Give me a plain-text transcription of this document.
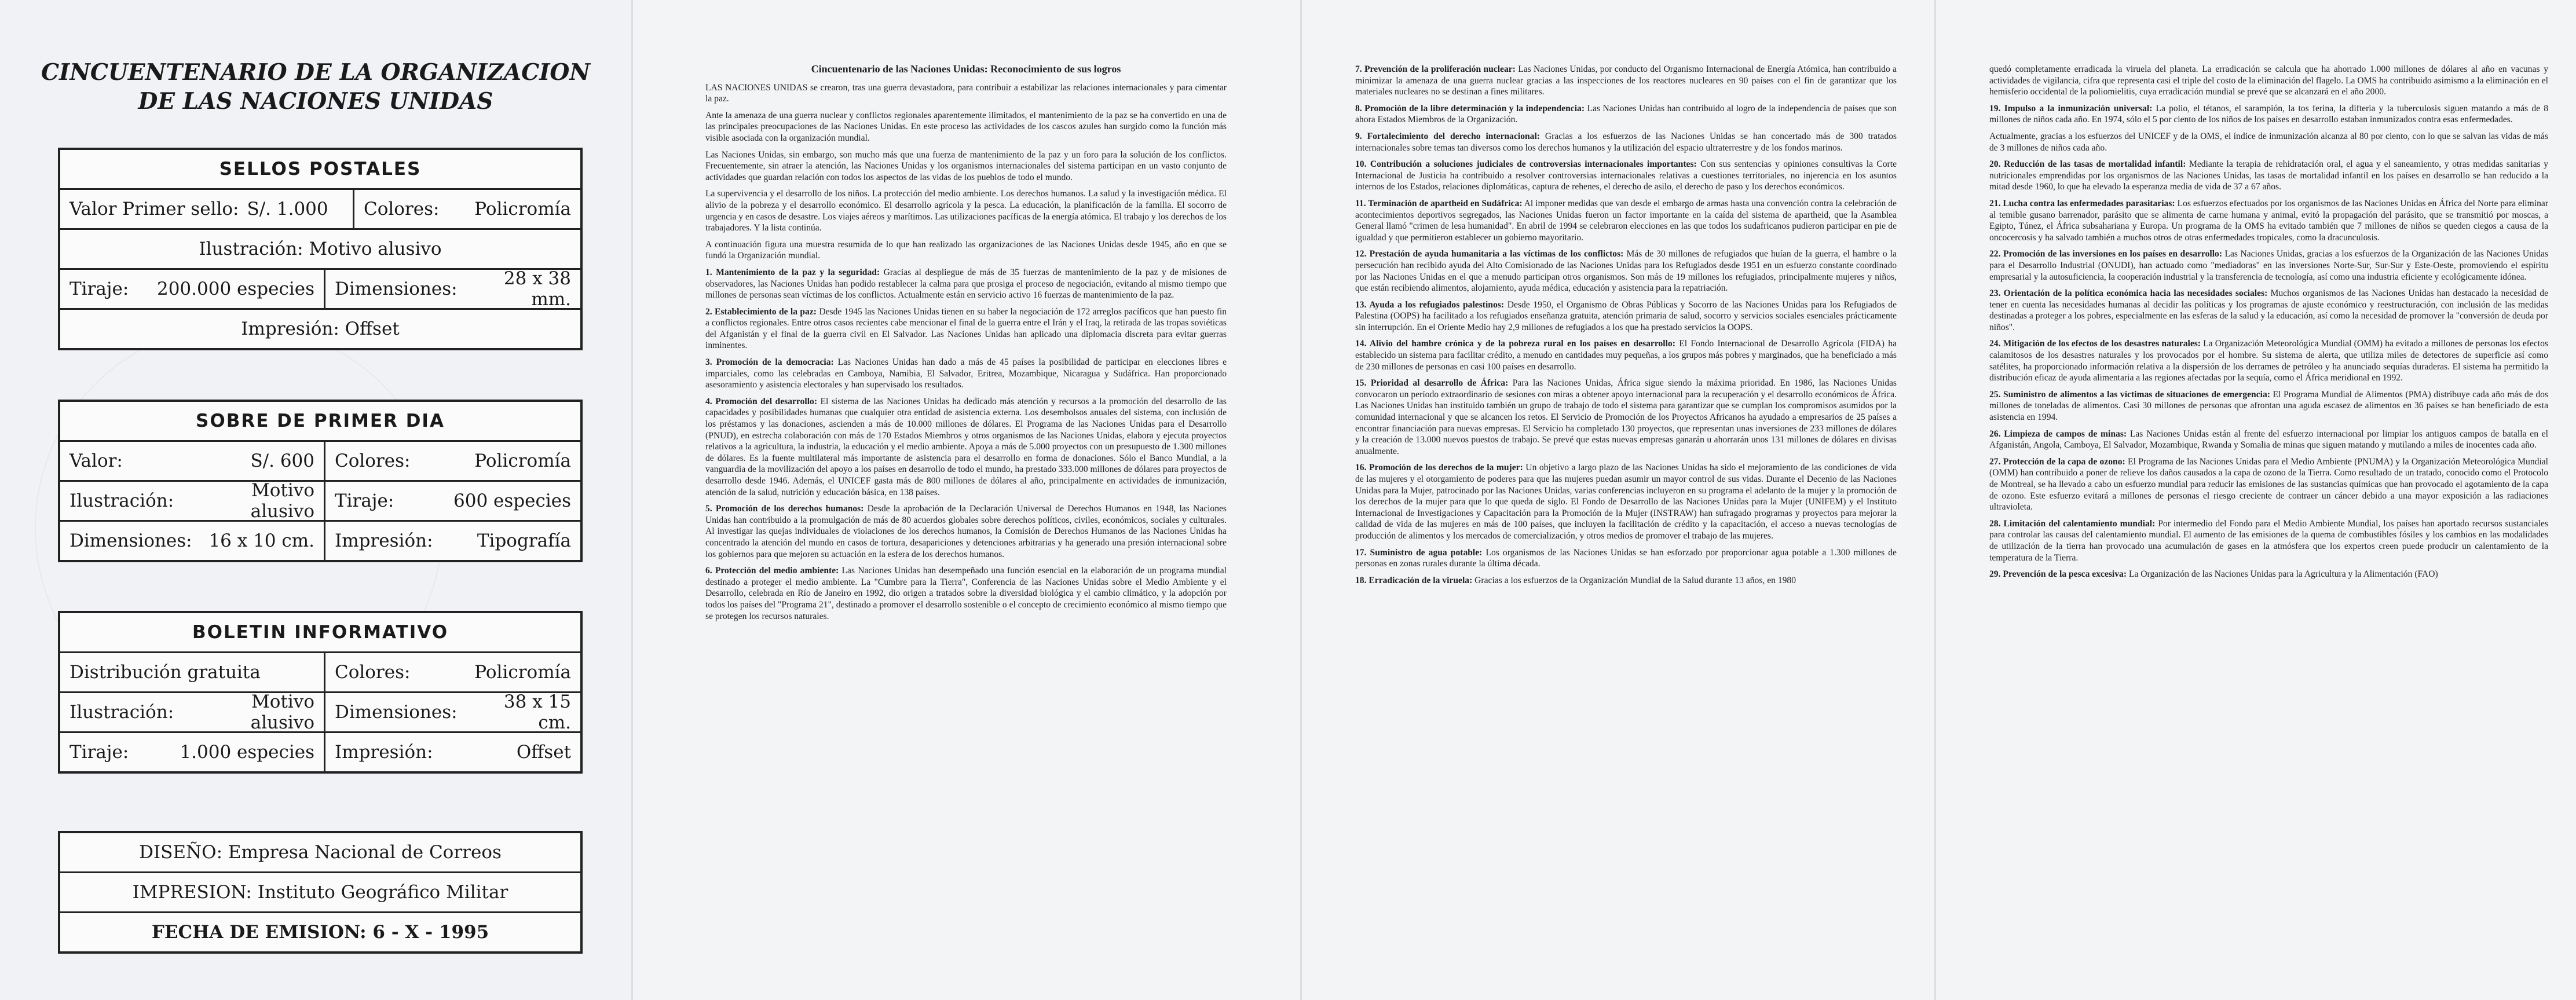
CINCUENTENARIO DE LA ORGANIZACION
DE LAS NACIONES UNIDAS
SELLOS POSTALES
Valor Primer sello: S/. 1.000 Colores:	Policromía
Ilustración: Motivo alusivo
Tiraje:	200.000 especies Dimensiones:	28 x 38 mm.
Impresión: Offset
SOBRE DE PRIMER DIA
Valor:	S/. 600 Colores:	Policromía
Ilustración:	Motivo alusivo Tiraje:	600 especies
Dimensiones: 16 x 10 cm. Impresión:	Tipografía
BOLETIN INFORMATIVO
Distribución gratuita	Colores:	Policromía
Ilustración:	Motivo alusivo Dimensiones:	38 x 15 cm.
Tiraje:	1.000 especies Impresión:	Offset
DISEÑO: Empresa Nacional de Correos
IMPRESION: Instituto Geográfico Militar
FECHA DE EMISION: 6 - X - 1995

Cincuentenario de las Naciones Unidas: Reconocimiento de sus logros

LAS NACIONES UNIDAS se crearon, tras una guerra devastadora, para contribuir a estabilizar las relaciones internacionales y para cimentar la paz.

Ante la amenaza de una guerra nuclear y conflictos regionales aparentemente ilimitados, el mantenimiento de la paz se ha convertido en una de las principales preocupaciones de las Naciones Unidas. En este proceso las actividades de los cascos azules han surgido como la función más visible asociada con la organización mundial.

Las Naciones Unidas, sin embargo, son mucho más que una fuerza de mantenimiento de la paz y un foro para la solución de los conflictos. Frecuentemente, sin atraer la atención, las Naciones Unidas y los organismos internacionales del sistema participan en un vasto conjunto de actividades que guardan relación con todos los aspectos de las vidas de los pueblos de todo el mundo.

La supervivencia y el desarrollo de los niños. La protección del medio ambiente. Los derechos humanos. La salud y la investigación médica. El alivio de la pobreza y el desarrollo económico. El desarrollo agrícola y la pesca. La educación, la planificación de la familia. El socorro de urgencia y en casos de desastre. Los viajes aéreos y marítimos. Las utilizaciones pacíficas de la energía atómica. El trabajo y los derechos de los trabajadores. Y la lista continúa.

A continuación figura una muestra resumida de lo que han realizado las organizaciones de las Naciones Unidas desde 1945, año en que se fundó la Organización mundial.

1. Mantenimiento de la paz y la seguridad: Gracias al despliegue de más de 35 fuerzas de mantenimiento de la paz y de misiones de observadores, las Naciones Unidas han podido restablecer la calma para que prosiga el proceso de negociación, evitando al mismo tiempo que millones de personas sean víctimas de los conflictos. Actualmente están en servicio activo 16 fuerzas de mantenimiento de la paz.

2. Establecimiento de la paz: Desde 1945 las Naciones Unidas tienen en su haber la negociación de 172 arreglos pacíficos que han puesto fin a conflictos regionales. Entre otros casos recientes cabe mencionar el final de la guerra entre el Irán y el Iraq, la retirada de las tropas soviéticas del Afganistán y el final de la guerra civil en El Salvador. Las Naciones Unidas han aplicado una diplomacia discreta para evitar guerras inminentes.

3. Promoción de la democracia: Las Naciones Unidas han dado a más de 45 países la posibilidad de participar en elecciones libres e imparciales, como las celebradas en Camboya, Namibia, El Salvador, Eritrea, Mozambique, Nicaragua y Sudáfrica. Han proporcionado asesoramiento y asistencia electorales y han supervisado los resultados.

4. Promoción del desarrollo: El sistema de las Naciones Unidas ha dedicado más atención y recursos a la promoción del desarrollo de las capacidades y posibilidades humanas que cualquier otra entidad de asistencia externa. Los desembolsos anuales del sistema, con inclusión de los préstamos y las donaciones, ascienden a más de 10.000 millones de dólares. El Programa de las Naciones Unidas para el Desarrollo (PNUD), en estrecha colaboración con más de 170 Estados Miembros y otros organismos de las Naciones Unidas, elabora y ejecuta proyectos relativos a la agricultura, la industria, la educación y el medio ambiente. Apoya a más de 5.000 proyectos con un presupuesto de 1.300 millones de dólares. Es la fuente multilateral más importante de asistencia para el desarrollo en forma de donaciones. Sólo el Banco Mundial, a la vanguardia de la movilización del apoyo a los países en desarrollo de todo el mundo, ha prestado 333.000 millones de dólares para proyectos de desarrollo desde 1946. Además, el UNICEF gasta más de 800 millones de dólares al año, principalmente en actividades de inmunización, atención de la salud, nutrición y educación básica, en 138 países.

5. Promoción de los derechos humanos: Desde la aprobación de la Declaración Universal de Derechos Humanos en 1948, las Naciones Unidas han contribuido a la promulgación de más de 80 acuerdos globales sobre derechos políticos, civiles, económicos, sociales y culturales. Al investigar las quejas individuales de violaciones de los derechos humanos, la Comisión de Derechos Humanos de las Naciones Unidas ha concentrado la atención del mundo en casos de tortura, desapariciones y detenciones arbitrarias y ha generado una presión internacional sobre los gobiernos para que mejoren su actuación en la esfera de los derechos humanos.

6. Protección del medio ambiente: Las Naciones Unidas han desempeñado una función esencial en la elaboración de un programa mundial destinado a proteger el medio ambiente. La "Cumbre para la Tierra", Conferencia de las Naciones Unidas sobre el Medio Ambiente y el Desarrollo, celebrada en Río de Janeiro en 1992, dio origen a tratados sobre la diversidad biológica y el cambio climático, y la adopción por todos los países del "Programa 21", destinado a promover el desarrollo sostenible o el concepto de crecimiento económico al mismo tiempo que se protegen los recursos naturales.

7. Prevención de la proliferación nuclear: Las Naciones Unidas, por conducto del Organismo Internacional de Energía Atómica, han contribuido a minimizar la amenaza de una guerra nuclear gracias a las inspecciones de los reactores nucleares en 90 países con el fin de garantizar que los materiales nucleares no se destinan a fines militares.

8. Promoción de la libre determinación y la independencia: Las Naciones Unidas han contribuido al logro de la independencia de países que son ahora Estados Miembros de la Organización.

9. Fortalecimiento del derecho internacional: Gracias a los esfuerzos de las Naciones Unidas se han concertado más de 300 tratados internacionales sobre temas tan diversos como los derechos humanos y la utilización del espacio ultraterrestre y de los fondos marinos.

10. Contribución a soluciones judiciales de controversias internacionales importantes: Con sus sentencias y opiniones consultivas la Corte Internacional de Justicia ha contribuido a resolver controversias internacionales relativas a cuestiones territoriales, no injerencia en los asuntos internos de los Estados, relaciones diplomáticas, captura de rehenes, el derecho de asilo, el derecho de paso y los derechos económicos.

11. Terminación de apartheid en Sudáfrica: Al imponer medidas que van desde el embargo de armas hasta una convención contra la celebración de acontecimientos deportivos segregados, las Naciones Unidas fueron un factor importante en la caída del sistema de apartheid, que la Asamblea General llamó "crimen de lesa humanidad". En abril de 1994 se celebraron elecciones en las que todos los sudafricanos pudieron participar en pie de igualdad y que permitieron establecer un gobierno mayoritario.

12. Prestación de ayuda humanitaria a las víctimas de los conflictos: Más de 30 millones de refugiados que huían de la guerra, el hambre o la persecución han recibido ayuda del Alto Comisionado de las Naciones Unidas para los Refugiados desde 1951 en un esfuerzo constante coordinado por las Naciones Unidas en el que a menudo participan otros organismos. Son más de 19 millones los refugiados, principalmente mujeres y niños, que están recibiendo alimentos, alojamiento, ayuda médica, educación y asistencia para la repatriación.

13. Ayuda a los refugiados palestinos: Desde 1950, el Organismo de Obras Públicas y Socorro de las Naciones Unidas para los Refugiados de Palestina (OOPS) ha facilitado a los refugiados enseñanza gratuita, atención primaria de salud, socorro y servicios sociales esenciales prácticamente sin interrupción. En el Oriente Medio hay 2,9 millones de refugiados a los que ha prestado servicios la OOPS.

14. Alivio del hambre crónica y de la pobreza rural en los países en desarrollo: El Fondo Internacional de Desarrollo Agrícola (FIDA) ha establecido un sistema para facilitar crédito, a menudo en cantidades muy pequeñas, a los grupos más pobres y marginados, que ha beneficiado a más de 230 millones de personas en casi 100 países en desarrollo.

15. Prioridad al desarrollo de África: Para las Naciones Unidas, África sigue siendo la máxima prioridad. En 1986, las Naciones Unidas convocaron un período extraordinario de sesiones con miras a obtener apoyo internacional para la recuperación y el desarrollo económicos de África. Las Naciones Unidas han instituido también un grupo de trabajo de todo el sistema para garantizar que se cumplan los compromisos asumidos por la comunidad internacional y que se alcancen los retos. El Servicio de Promoción de los Proyectos Africanos ha ayudado a empresarios de 25 países a encontrar financiación para nuevas empresas. El Servicio ha completado 130 proyectos, que representan unas inversiones de 233 millones de dólares y la creación de 13.000 nuevos puestos de trabajo. Se prevé que estas nuevas empresas ganarán u ahorrarán unos 131 millones de dólares en divisas anualmente.

16. Promoción de los derechos de la mujer: Un objetivo a largo plazo de las Naciones Unidas ha sido el mejoramiento de las condiciones de vida de las mujeres y el otorgamiento de poderes para que las mujeres puedan asumir un mayor control de sus vidas. Durante el Decenio de las Naciones Unidas para la Mujer, patrocinado por las Naciones Unidas, varias conferencias incluyeron en su programa el adelanto de la mujer y la promoción de los derechos de la mujer para que lo que queda de siglo. El Fondo de Desarrollo de las Naciones Unidas para la Mujer (UNIFEM) y el Instituto Internacional de Investigaciones y Capacitación para la Promoción de la Mujer (INSTRAW) han sufragado programas y proyectos para mejorar la calidad de vida de las mujeres en más de 100 países, que incluyen la facilitación de crédito y la capacitación, el acceso a nuevas tecnologías de producción de alimentos y los mercados de comercialización, y otros medios de promover el trabajo de las mujeres.

17. Suministro de agua potable: Los organismos de las Naciones Unidas se han esforzado por proporcionar agua potable a 1.300 millones de personas en zonas rurales durante la última década.

18. Erradicación de la viruela: Gracias a los esfuerzos de la Organización Mundial de la Salud durante 13 años, en 1980

quedó completamente erradicada la viruela del planeta. La erradicación se calcula que ha ahorrado 1.000 millones de dólares al año en vacunas y actividades de vigilancia, cifra que representa casi el triple del costo de la eliminación del flagelo. La OMS ha contribuido asimismo a la eliminación en el hemisferio occidental de la poliomielitis, cuya erradicación mundial se prevé que se alcanzará en el año 2000.

19. Impulso a la inmunización universal: La polio, el tétanos, el sarampión, la tos ferina, la difteria y la tuberculosis siguen matando a más de 8 millones de niños cada año. En 1974, sólo el 5 por ciento de los niños de los países en desarrollo estaban inmunizados contra esas enfermedades.

Actualmente, gracias a los esfuerzos del UNICEF y de la OMS, el índice de inmunización alcanza al 80 por ciento, con lo que se salvan las vidas de más de 3 millones de niños cada año.

20. Reducción de las tasas de mortalidad infantil: Mediante la terapia de rehidratación oral, el agua y el saneamiento, y otras medidas sanitarias y nutricionales emprendidas por los organismos de las Naciones Unidas, las tasas de mortalidad infantil en los países en desarrollo se han reducido a la mitad desde 1960, lo que ha elevado la esperanza media de vida de 37 a 67 años.

21. Lucha contra las enfermedades parasitarias: Los esfuerzos efectuados por los organismos de las Naciones Unidas en África del Norte para eliminar al temible gusano barrenador, parásito que se alimenta de carne humana y animal, evitó la propagación del parásito, que se transmitió por moscas, a Egipto, Túnez, el África subsahariana y Europa. Un programa de la OMS ha evitado también que 7 millones de niños se queden ciegos a causa de la oncocercosis y ha salvado también a muchos otros de otras enfermedades tropicales, como la dracunculosis.

22. Promoción de las inversiones en los países en desarrollo: Las Naciones Unidas, gracias a los esfuerzos de la Organización de las Naciones Unidas para el Desarrollo Industrial (ONUDI), han actuado como "mediadoras" en las inversiones Norte-Sur, Sur-Sur y Este-Oeste, promoviendo el espíritu empresarial y la autosuficiencia, la cooperación industrial y la transferencia de tecnología, así como una industria eficiente y ecológicamente idónea.

23. Orientación de la política económica hacia las necesidades sociales: Muchos organismos de las Naciones Unidas han destacado la necesidad de tener en cuenta las necesidades humanas al decidir las políticas y los programas de ajuste económico y reestructuración, con inclusión de las medidas destinadas a proteger a los pobres, especialmente en las esferas de la salud y la educación, así como la necesidad de promover la "conversión de deuda por niños".

24. Mitigación de los efectos de los desastres naturales: La Organización Meteorológica Mundial (OMM) ha evitado a millones de personas los efectos calamitosos de los desastres naturales y los provocados por el hombre. Su sistema de alerta, que utiliza miles de detectores de superficie así como satélites, ha proporcionado información relativa a la dispersión de los derrames de petróleo y ha anunciado sequías duraderas. El sistema ha permitido la distribución eficaz de ayuda alimentaria a las regiones afectadas por la sequía, como el África meridional en 1992.

25. Suministro de alimentos a las víctimas de situaciones de emergencia: El Programa Mundial de Alimentos (PMA) distribuye cada año más de dos millones de toneladas de alimentos. Casi 30 millones de personas que afrontan una aguda escasez de alimentos en 36 países se han beneficiado de esta asistencia en 1994.

26. Limpieza de campos de minas: Las Naciones Unidas están al frente del esfuerzo internacional por limpiar los antiguos campos de batalla en el Afganistán, Angola, Camboya, El Salvador, Mozambique, Rwanda y Somalia de minas que siguen matando y mutilando a miles de inocentes cada año.

27. Protección de la capa de ozono: El Programa de las Naciones Unidas para el Medio Ambiente (PNUMA) y la Organización Meteorológica Mundial (OMM) han contribuido a poner de relieve los daños causados a la capa de ozono de la Tierra. Como resultado de un tratado, conocido como el Protocolo de Montreal, se ha llevado a cabo un esfuerzo mundial para reducir las emisiones de las sustancias químicas que han provocado el agotamiento de la capa de ozono. Este esfuerzo evitará a millones de personas el riesgo creciente de contraer un cáncer debido a una mayor exposición a las radiaciones ultravioleta.

28. Limitación del calentamiento mundial: Por intermedio del Fondo para el Medio Ambiente Mundial, los países han aportado recursos sustanciales para controlar las causas del calentamiento mundial. El aumento de las emisiones de la quema de combustibles fósiles y los cambios en las modalidades de utilización de la tierra han provocado una acumulación de gases en la atmósfera que los expertos creen puede producir un calentamiento de la temperatura de la Tierra.

29. Prevención de la pesca excesiva: La Organización de las Naciones Unidas para la Agricultura y la Alimentación (FAO)
